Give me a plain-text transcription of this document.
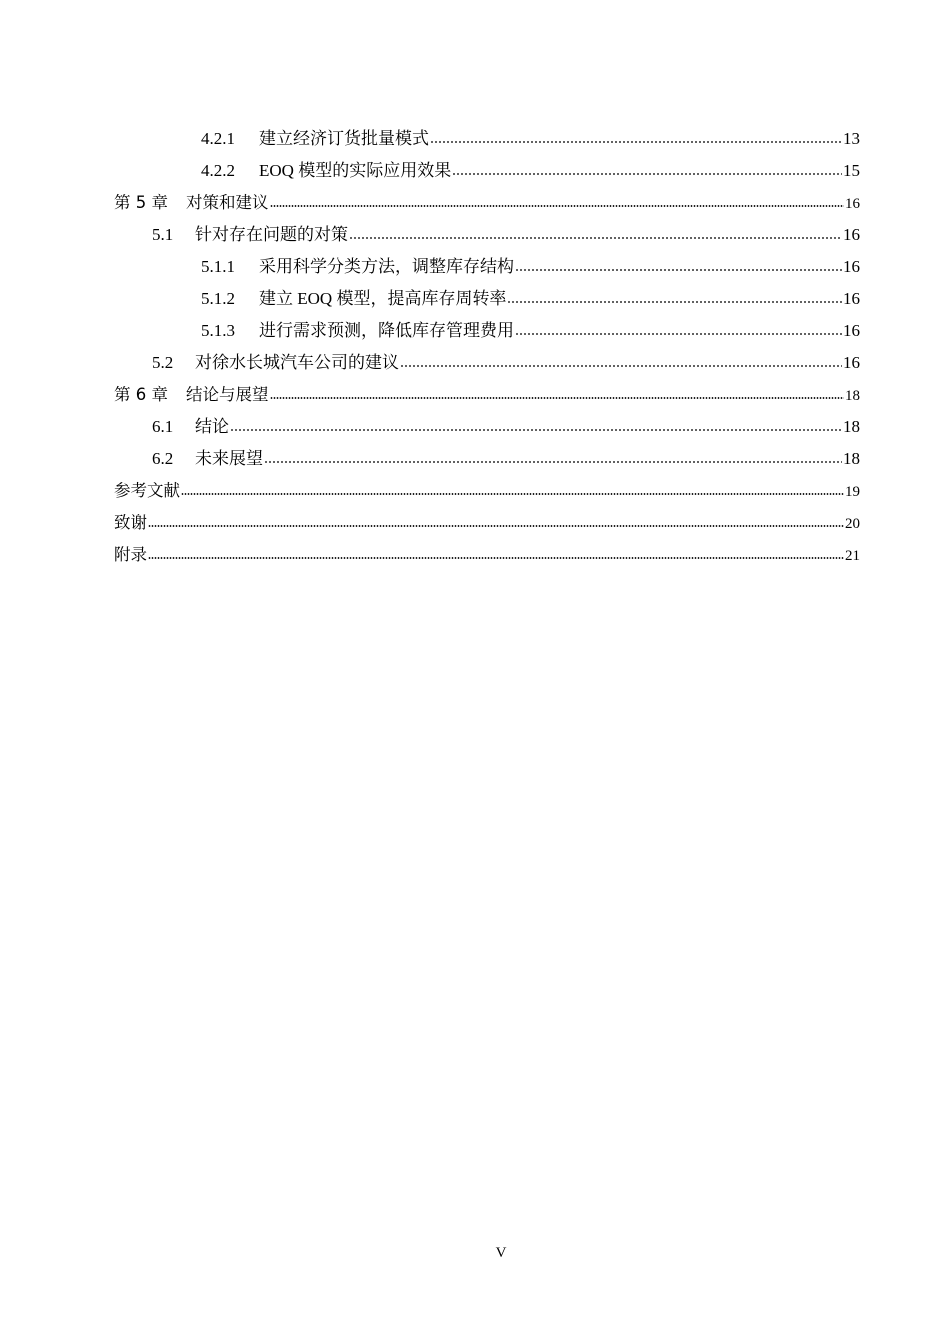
4.2.1	建立经济订货批量模式	13
4.2.2	EOQ 模型的实际应用效果	15
第 5 章 对策和建议	16
5.1	针对存在问题的对策	16
5.1.1	采用科学分类方法，调整库存结构	16
5.1.2	建立 EOQ 模型，提高库存周转率	16
5.1.3	进行需求预测，降低库存管理费用	16
5.2	对徐水长城汽车公司的建议	16
第 6 章 结论与展望	18
6.1	结论	18
6.2	未来展望	18
参考文献	19
致谢	20
附录	21
V
